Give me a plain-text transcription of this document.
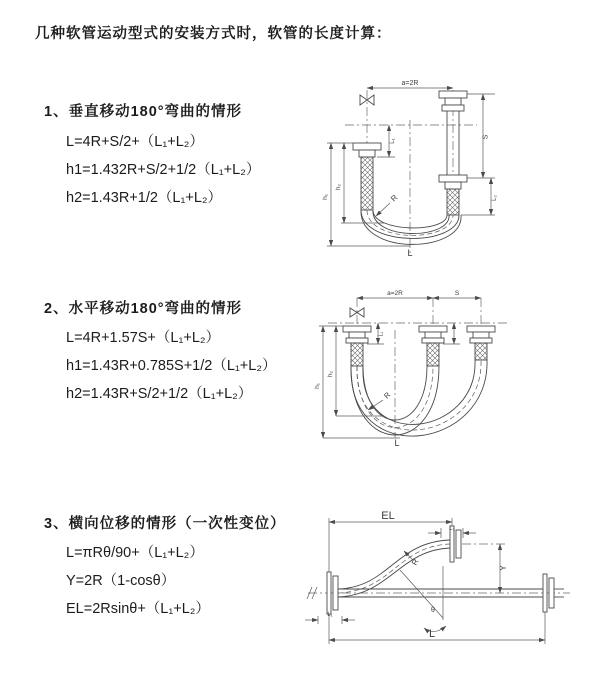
几种软管运动型式的安装方式时，软管的长度计算：
1、垂直移动180°弯曲的情形
L=4R+S/2+（L₁+L₂）
h1=1.432R+S/2+1/2（L₁+L₂）
h2=1.43R+1/2（L₁+L₂）
2、水平移动180°弯曲的情形
L=4R+1.57S+（L₁+L₂）
h1=1.43R+0.785S+1/2（L₁+L₂）
h2=1.43R+S/2+1/2（L₁+L₂）
3、横向位移的情形（一次性变位）
L=πRθ/90+（L₁+L₂）
Y=2R（1-cosθ）
EL=2Rsinθ+（L₁+L₂）
a=2R
R
L
h₁
h₂
L₁
S
L₂
a=2R	S
R
h₁
h₂
L₁
L
EL
L₁
Y
R
θ
L₁
L
